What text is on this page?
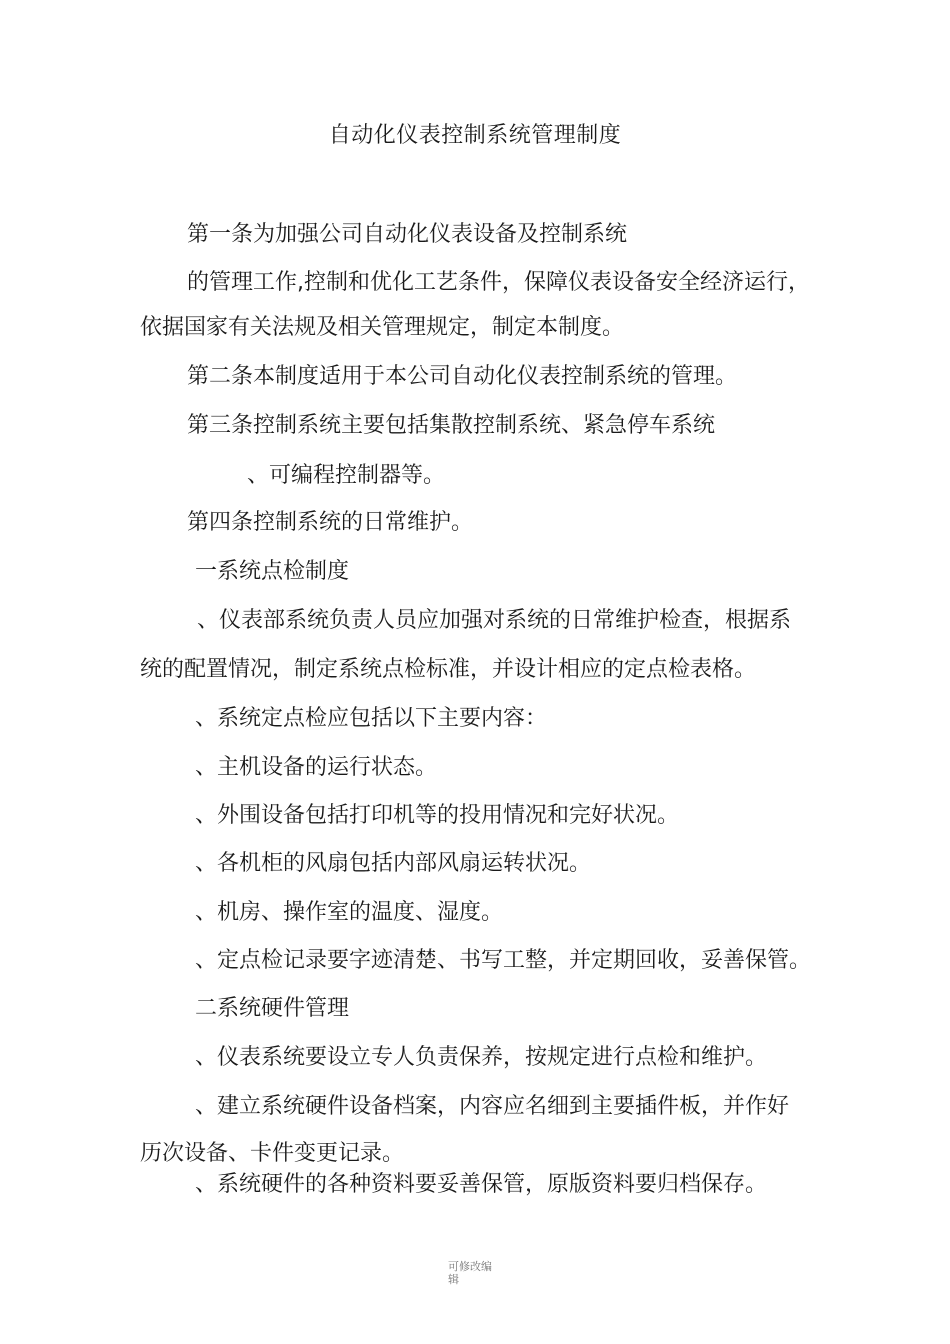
自动化仪表控制系统管理制度
第一条为加强公司自动化仪表设备及控制系统
的管理工作,控制和优化工艺条件，保障仪表设备安全经济运行，
依据国家有关法规及相关管理规定，制定本制度。
第二条本制度适用于本公司自动化仪表控制系统的管理。
第三条控制系统主要包括集散控制系统、紧急停车系统
、可编程控制器等。
第四条控制系统的日常维护。
一系统点检制度
、仪表部系统负责人员应加强对系统的日常维护检查，根据系
统的配置情况，制定系统点检标准，并设计相应的定点检表格。
、系统定点检应包括以下主要内容：
、主机设备的运行状态。
、外围设备包括打印机等的投用情况和完好状况。
、各机柜的风扇包括内部风扇运转状况。
、机房、操作室的温度、湿度。
、定点检记录要字迹清楚、书写工整，并定期回收，妥善保管。
二系统硬件管理
、仪表系统要设立专人负责保养，按规定进行点检和维护。
、建立系统硬件设备档案，内容应名细到主要插件板，并作好
历次设备、卡件变更记录。
、系统硬件的各种资料要妥善保管，原版资料要归档保存。
可修改编
辑
